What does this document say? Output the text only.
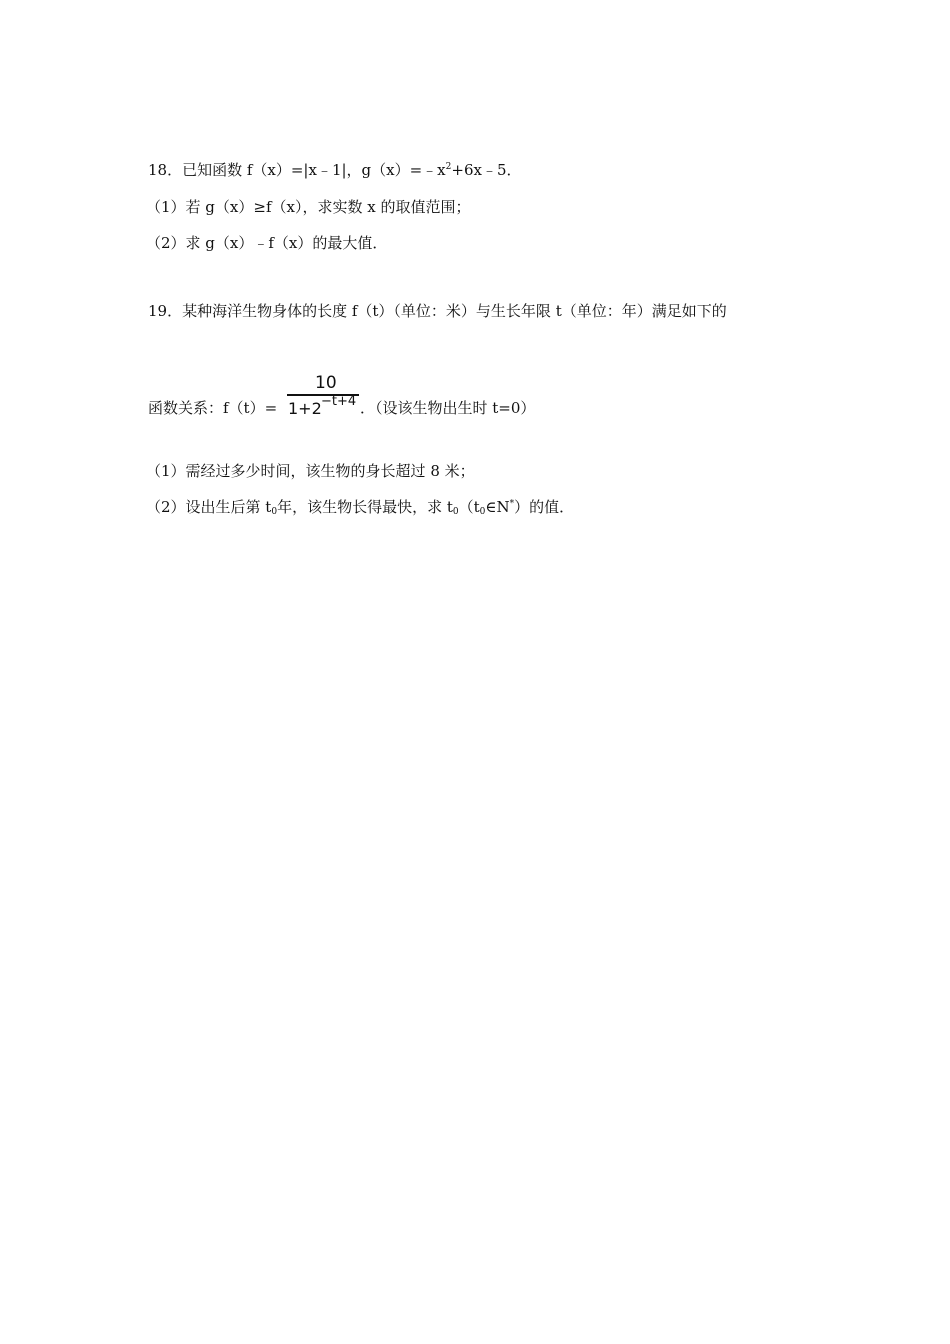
18．已知函数 f（x）=|x﹣1|，$g(x)=﹣x^2+6x﹣5$．
（1）若 g（x）≥f（x），求实数 x 的取值范围；
（2）求 g（x）﹣f（x）的最大值．
19．某种海洋生物身体的长度 f（t）（单位：米）与生长年限 t（单位：年）满足如下的
函数关系：f（t）=
10
1+2 −t+4 ．（设该生物出生时 t=0）
（1）需经过多少时间，该生物的身长超过 8 米；
（2）设出生后第 $t_0$年，该生物长得最快，求 $t_0(t_0\in N^*)$的值．
